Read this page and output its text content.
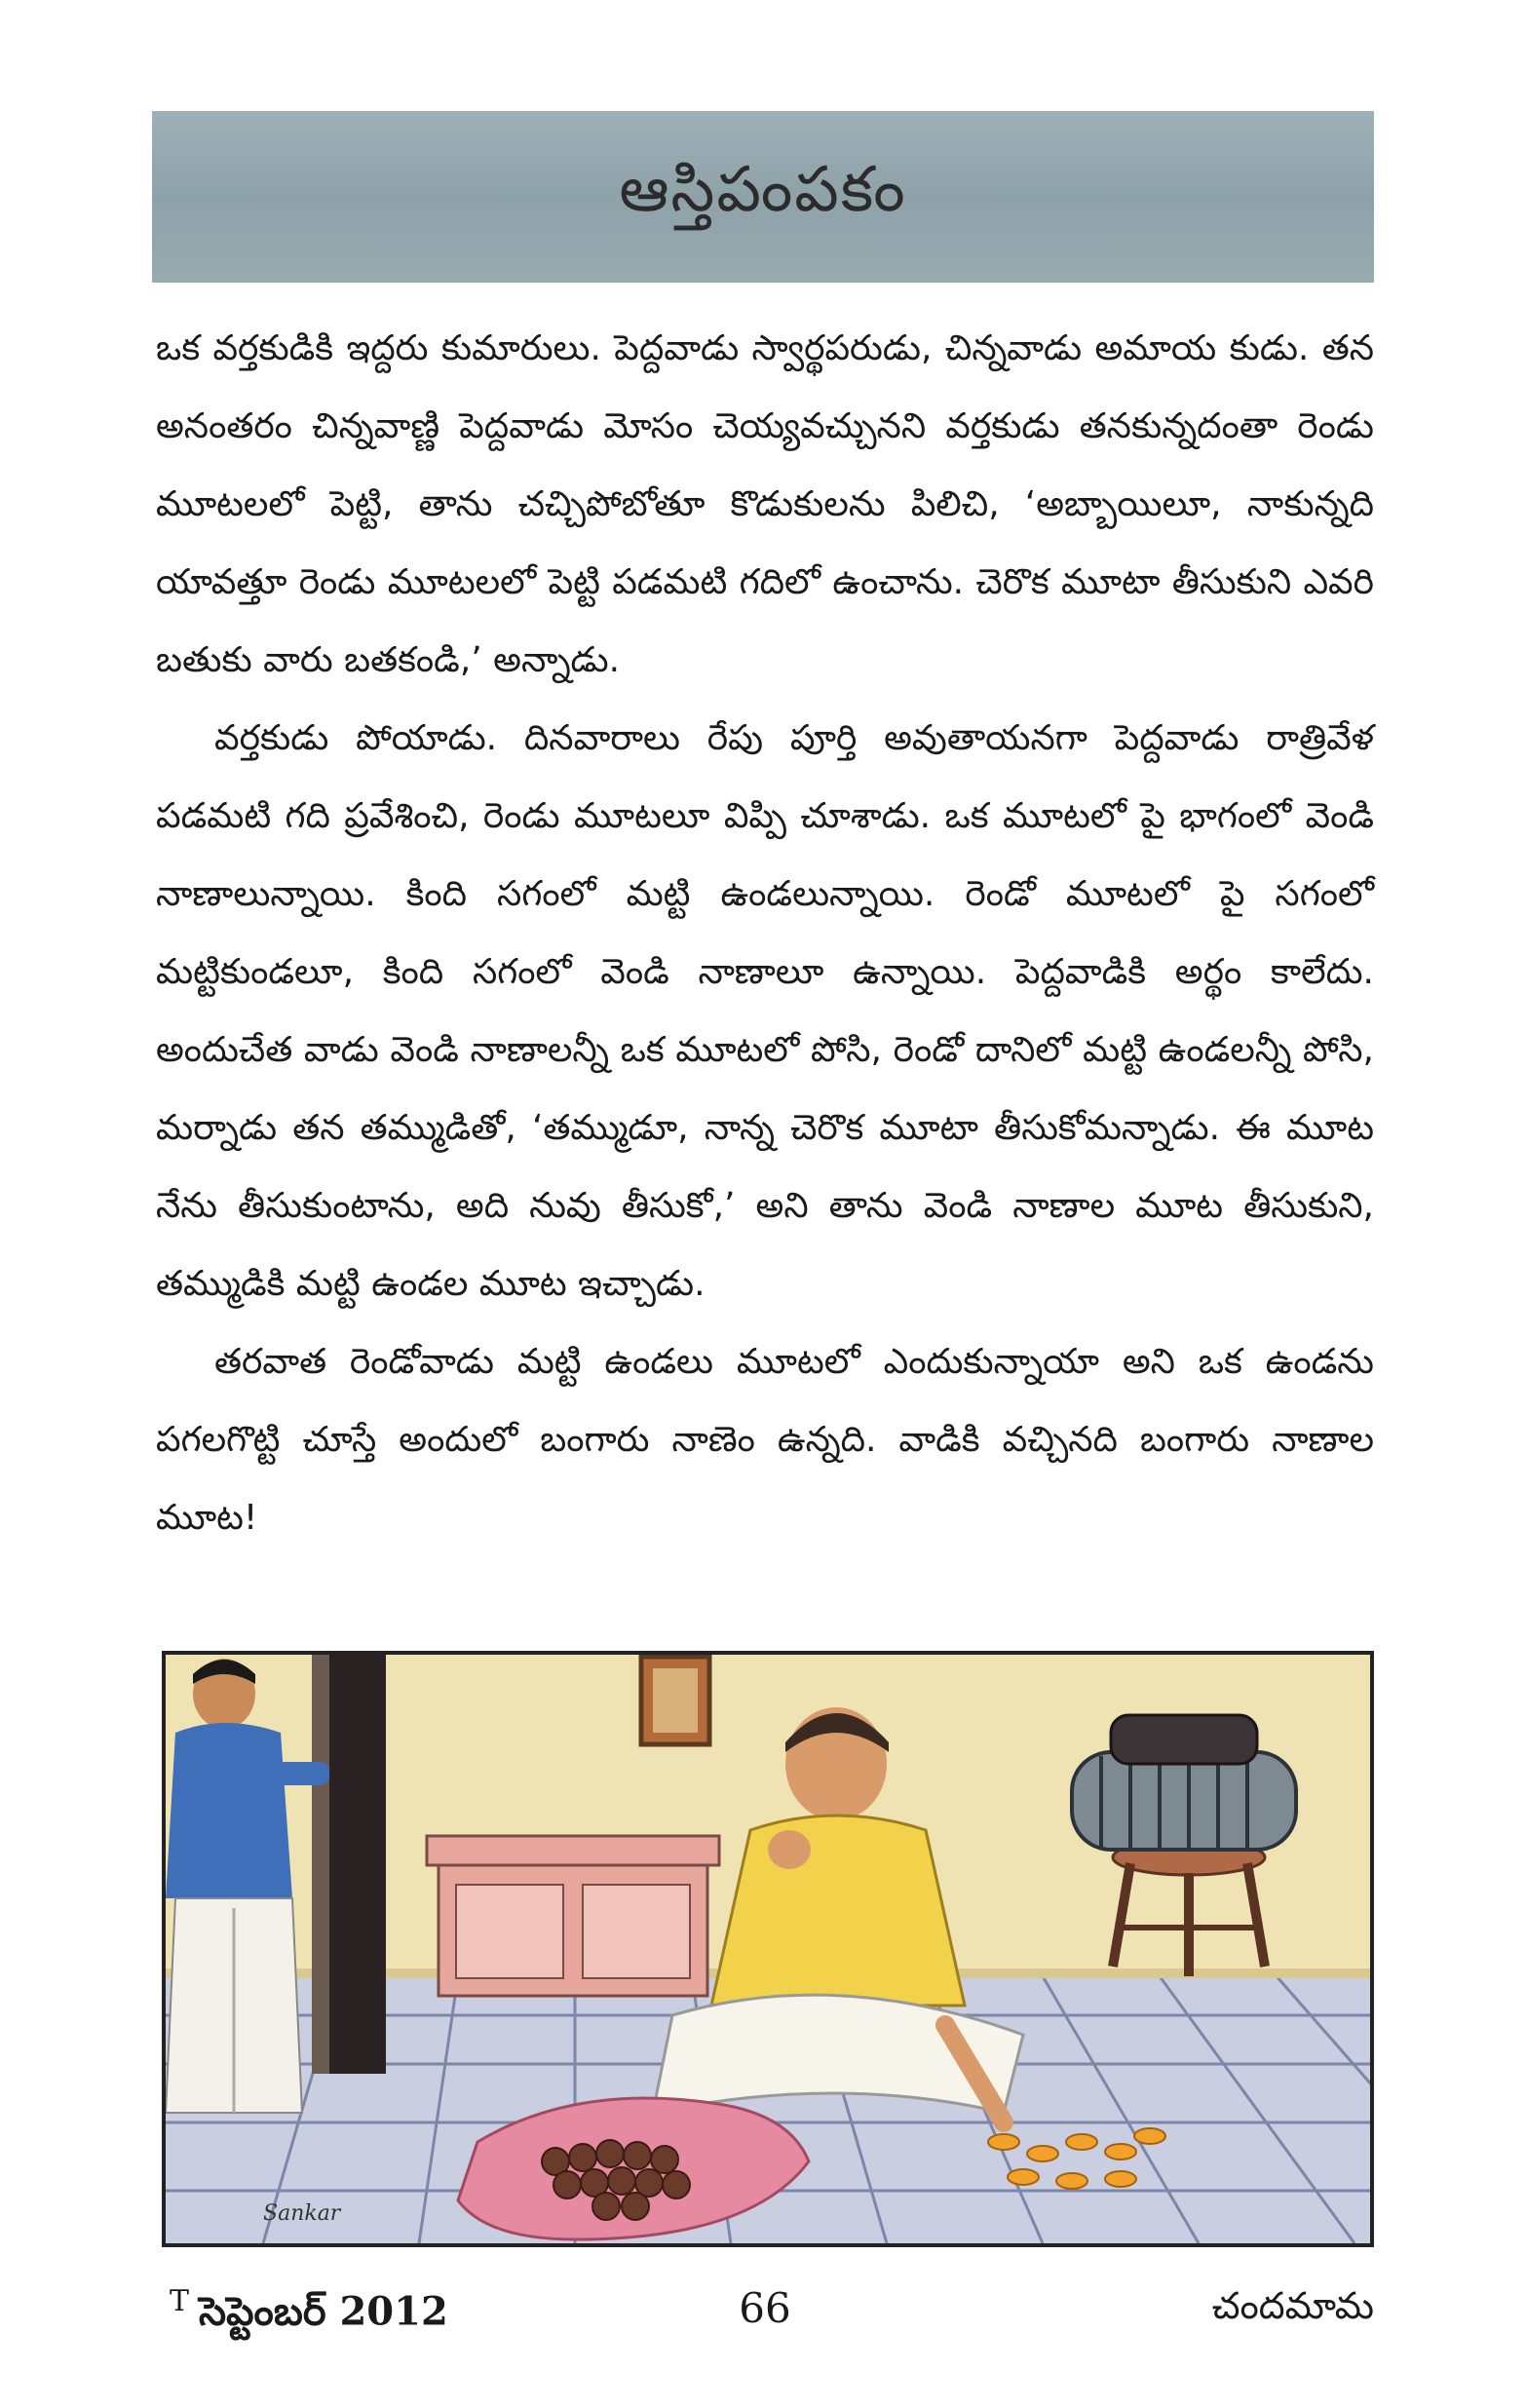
ఆస్తిపంపకం

ఒక వర్తకుడికి ఇద్దరు కుమారులు. పెద్దవాడు స్వార్థపరుడు, చిన్నవాడు అమాయ కుడు. తన అనంతరం చిన్నవాణ్ణి పెద్దవాడు మోసం చెయ్యవచ్చునని వర్తకుడు తనకున్నదంతా రెండు మూటలలో పెట్టి, తాను చచ్చిపోబోతూ కొడుకులను పిలిచి, ‘అబ్బాయిలూ, నాకున్నది యావత్తూ రెండు మూటలలో పెట్టి పడమటి గదిలో ఉంచాను. చెరొక మూటా తీసుకుని ఎవరి బతుకు వారు బతకండి,’ అన్నాడు.

వర్తకుడు పోయాడు. దినవారాలు రేపు పూర్తి అవుతాయనగా పెద్దవాడు రాత్రివేళ పడమటి గది ప్రవేశించి, రెండు మూటలూ విప్పి చూశాడు. ఒక మూటలో పై భాగంలో వెండి నాణాలున్నాయి. కింది సగంలో మట్టి ఉండలున్నాయి. రెండో మూటలో పై సగంలో మట్టికుండలూ, కింది సగంలో వెండి నాణాలూ ఉన్నాయి. పెద్దవాడికి అర్థం కాలేదు. అందుచేత వాడు వెండి నాణాలన్నీ ఒక మూటలో పోసి, రెండో దానిలో మట్టి ఉండలన్నీ పోసి, మర్నాడు తన తమ్ముడితో, ‘తమ్ముడూ, నాన్న చెరొక మూటా తీసుకోమన్నాడు. ఈ మూట నేను తీసుకుంటాను, అది నువు తీసుకో,’ అని తాను వెండి నాణాల మూట తీసుకుని, తమ్ముడికి మట్టి ఉండల మూట ఇచ్చాడు.

తరవాత రెండోవాడు మట్టి ఉండలు మూటలో ఎందుకున్నాయా అని ఒక ఉండను పగలగొట్టి చూస్తే అందులో బంగారు నాణెం ఉన్నది. వాడికి వచ్చినది బంగారు నాణాల మూట!

Sankar
$^T$ సెప్టెంబర్ 2012	66	చందమామ
